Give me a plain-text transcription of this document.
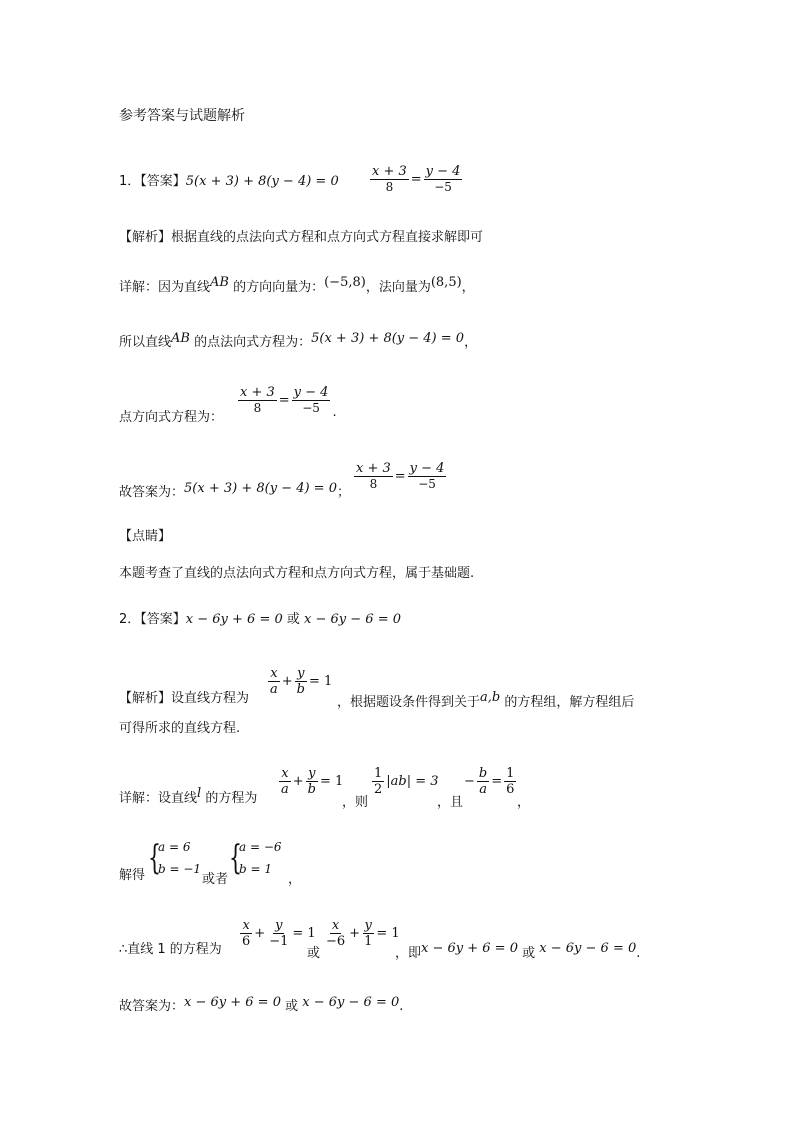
参考答案与试题解析
1．【答案】$5(x + 3) + 8(y - 4) = 0 \frac{x + 3}{8} = \frac{y - 4}{-5}$
【解析】根据直线的点法向式方程和点方向式方程直接求解即可
详解：因为直线AB 的方向向量为：(−5,8)，法向量为(8,5)，
所以直线AB 的点法向式方程为：5(x + 3) + 8(y − 4) = 0，
点方向式方程为：
$\frac{x + 3}{8} = \frac{y - 4}{-5}$ .
故答案为：5(x + 3) + 8(y − 4) = 0；
$\frac{x + 3}{8} = \frac{y - 4}{-5}$
【点睛】
本题考查了直线的点法向式方程和点方向式方程，属于基础题.
2．【答案】x − 6y + 6 = 0 或 x − 6y − 6 = 0
【解析】设直线方程为
$\frac{x}{a} + \frac{y}{b} = 1$
，根据题设条件得到关于a,b 的方程组，解方程组后
可得所求的直线方程.
详解：设直线l 的方程为
$\frac{x}{a} + \frac{y}{b} = 1$
，则
$\frac{1}{2} |ab| = 3$
，且
− $\frac{b}{a} = \frac{1}{6}$
，
解得 {
a = 6
b = −1
或者
{
a = −6
b = 1
，
∴直线 1 的方程为
$\frac{x}{6} + \frac{y}{-1} = 1$
或
$\frac{x}{-6} + \frac{y}{1} = 1$
，即x − 6y + 6 = 0 或 x − 6y − 6 = 0.
故答案为：x − 6y + 6 = 0 或 x − 6y − 6 = 0.
